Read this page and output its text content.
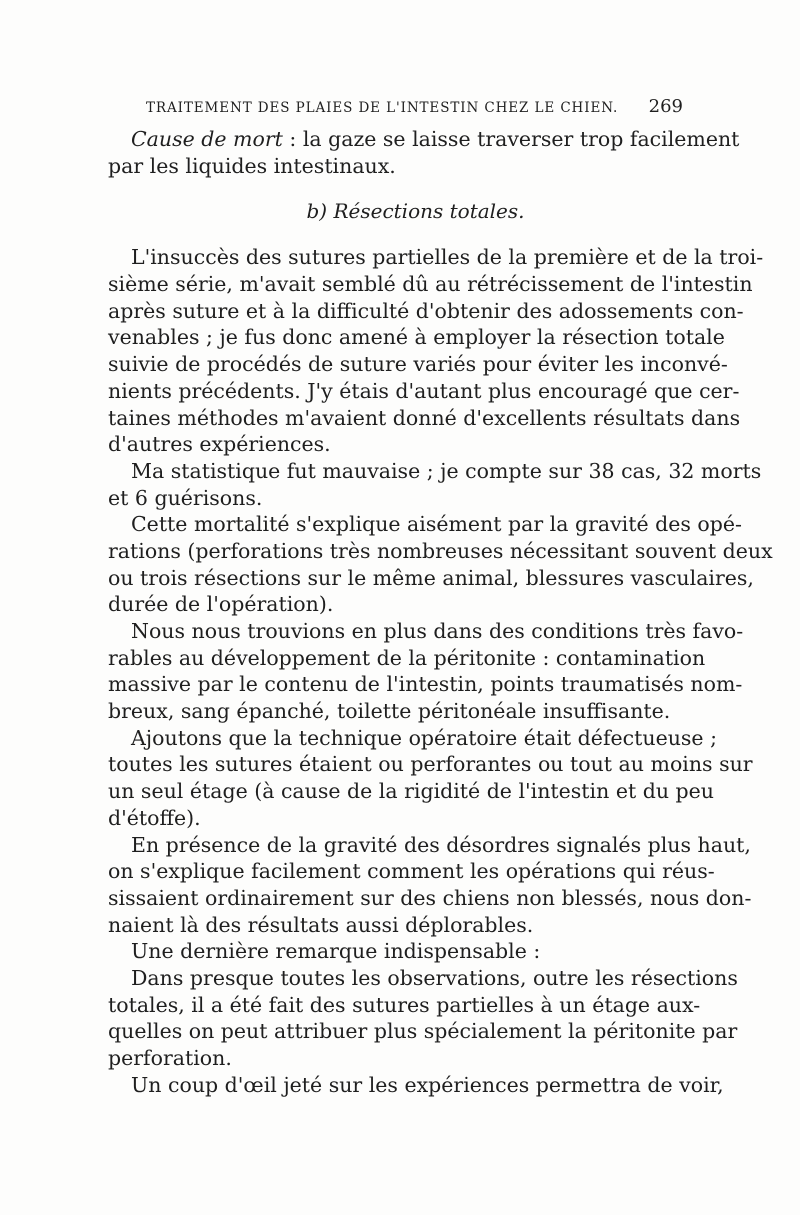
TRAITEMENT DES PLAIES DE L'INTESTIN CHEZ LE CHIEN. 269
Cause de mort : la gaze se laisse traverser trop facilement
par les liquides intestinaux.
b) Résections totales.
L'insuccès des sutures partielles de la première et de la troi-
sième série, m'avait semblé dû au rétrécissement de l'intestin
après suture et à la difficulté d'obtenir des adossements con-
venables ; je fus donc amené à employer la résection totale
suivie de procédés de suture variés pour éviter les inconvé-
nients précédents. J'y étais d'autant plus encouragé que cer-
taines méthodes m'avaient donné d'excellents résultats dans
d'autres expériences.
Ma statistique fut mauvaise ; je compte sur 38 cas, 32 morts
et 6 guérisons.
Cette mortalité s'explique aisément par la gravité des opé-
rations (perforations très nombreuses nécessitant souvent deux
ou trois résections sur le même animal, blessures vasculaires,
durée de l'opération).
Nous nous trouvions en plus dans des conditions très favo-
rables au développement de la péritonite : contamination
massive par le contenu de l'intestin, points traumatisés nom-
breux, sang épanché, toilette péritonéale insuffisante.
Ajoutons que la technique opératoire était défectueuse ;
toutes les sutures étaient ou perforantes ou tout au moins sur
un seul étage (à cause de la rigidité de l'intestin et du peu
d'étoffe).
En présence de la gravité des désordres signalés plus haut,
on s'explique facilement comment les opérations qui réus-
sissaient ordinairement sur des chiens non blessés, nous don-
naient là des résultats aussi déplorables.
Une dernière remarque indispensable :
Dans presque toutes les observations, outre les résections
totales, il a été fait des sutures partielles à un étage aux-
quelles on peut attribuer plus spécialement la péritonite par
perforation.
Un coup d'œil jeté sur les expériences permettra de voir,
